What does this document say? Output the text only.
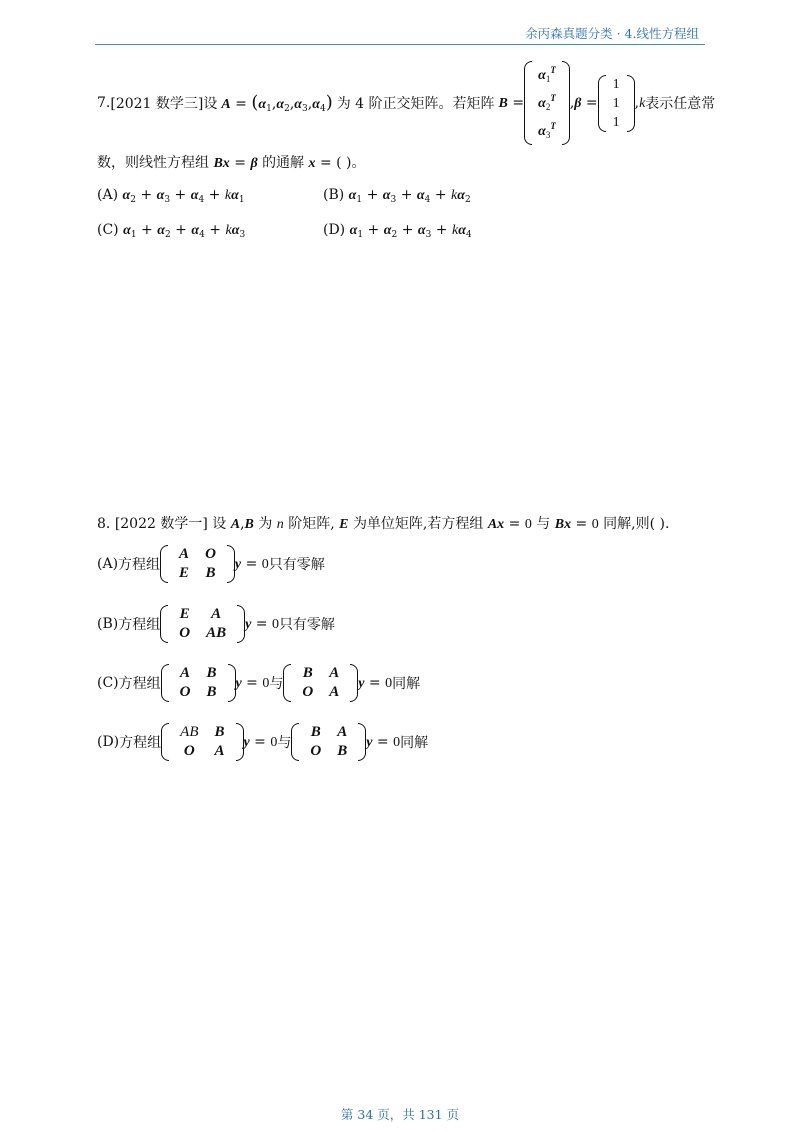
余丙森真题分类 · 4.线性方程组
7. [2021 数学三] 设 $A = (\alpha_1,\alpha_2,\alpha_3,\alpha_4)$ 为 4 阶正交矩阵。若矩阵 B =
$\alpha_1^T$
$\alpha_2^T$
$\alpha_3^T$
, β =
1
1
1
,k 表示任意常
数，则线性方程组 Bx = β 的通解 x = ( )。
(A) $\alpha_2 + \alpha_3 + \alpha_4 + k\alpha_1$	(B) $\alpha_1 + \alpha_3 + \alpha_4 + k\alpha_2$
(C) $\alpha_1 + \alpha_2 + \alpha_4 + k\alpha_3$	(D) $\alpha_1 + \alpha_2 + \alpha_3 + k\alpha_4$
8. [2022 数学一] 设 A,B 为 n 阶矩阵, E 为单位矩阵,若方程组 Ax = 0 与 Bx = 0 同解,则( ).
(A) 方程组
A	O
E	B
y = 0 只有零解
(B) 方程组
E	A
O	AB
y = 0 只有零解
(C) 方程组
A	B
O	B
y = 0 与
B	A
O	A
y = 0 同解
(D) 方程组
AB	B
O	A
y = 0 与
B	A
O	B
y = 0 同解
第 34 页，共 131 页
